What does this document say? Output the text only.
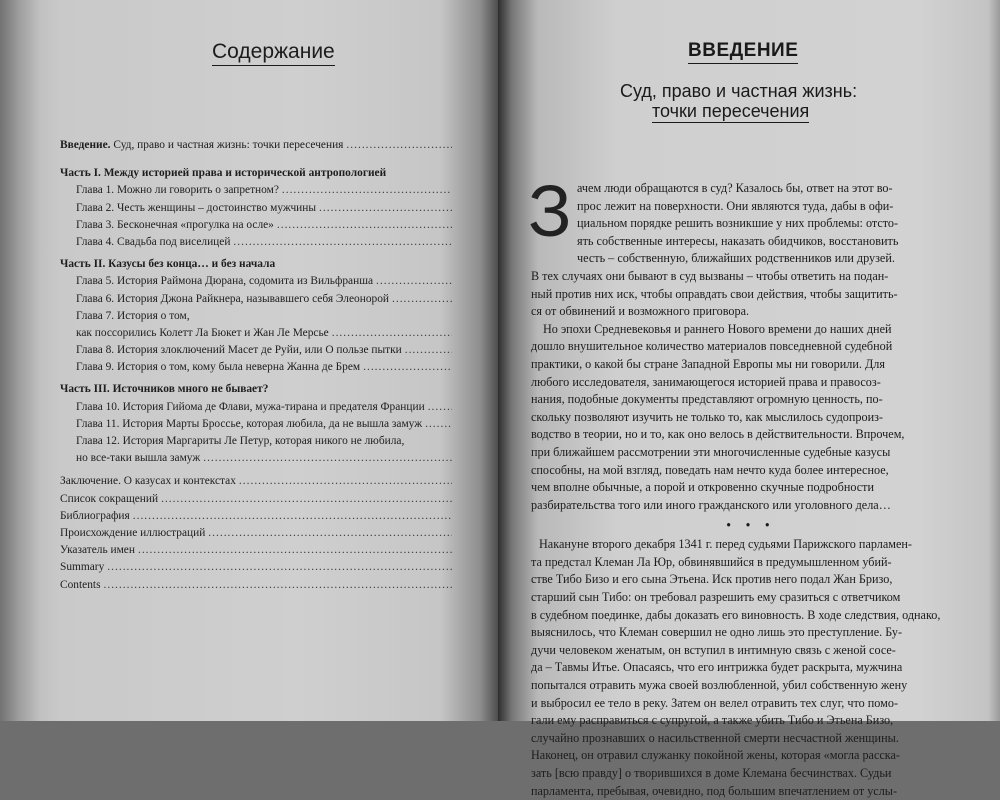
Содержание
Введение. Суд, право и частная жизнь: точки пересечения
.....
Часть I. Между историей права и исторической антропологией
Глава 1. Можно ли говорить о запретном?
.....
Глава 2. Честь женщины – достоинство мужчины
.....
Глава 3. Бесконечная «прогулка на осле»
.....
Глава 4. Свадьба под виселицей
.....
Часть II. Казусы без конца… и без начала
Глава 5. История Раймона Дюрана, содомита из Вильфранша
.....
Глава 6. История Джона Райкнера, называвшего себя Элеонорой
.....
Глава 7. История о том,
как поссорились Колетт Ла Бюкет и Жан Ле Мерсье
.....
Глава 8. История злоключений Масет де Руйи, или О пользе пытки
.....
Глава 9. История о том, кому была неверна Жанна де Брем
.....
Часть III. Источников много не бывает?
Глава 10. История Гийома де Флави, мужа-тирана и предателя Франции
.....
Глава 11. История Марты Броссье, которая любила, да не вышла замуж
.....
Глава 12. История Маргариты Ле Петур, которая никого не любила,
но все-таки вышла замуж
.....
Заключение. О казусах и контекстах
.....
Список сокращений
.....
Библиография
.....
Происхождение иллюстраций
.....
Указатель имен
.....
Summary
.....
Contents
.....
ВВЕДЕНИЕ
Суд, право и частная жизнь:
точки пересечения
З ачем люди обращаются в суд? Казалось бы, ответ на этот во-
прос лежит на поверхности. Они являются туда, дабы в офи-
циальном порядке решить возникшие у них проблемы: отсто-
ять собственные интересы, наказать обидчиков, восстановить
честь – собственную, ближайших родственников или друзей.
В тех случаях они бывают в суд вызваны – чтобы ответить на подан-
ный против них иск, чтобы оправдать свои действия, чтобы защитить-
ся от обвинений и возможного приговора.
Но эпохи Средневековья и раннего Нового времени до наших дней
дошло внушительное количество материалов повседневной судебной
практики, о какой бы стране Западной Европы мы ни говорили. Для
любого исследователя, занимающегося историей права и правосоз-
нания, подобные документы представляют огромную ценность, по-
скольку позволяют изучить не только то, как мыслилось судопроиз-
водство в теории, но и то, как оно велось в действительности. Впрочем,
при ближайшем рассмотрении эти многочисленные судебные казусы
способны, на мой взгляд, поведать нам нечто куда более интересное,
чем вполне обычные, а порой и откровенно скучные подробности
разбирательства того или иного гражданского или уголовного дела…
• • •
Накануне второго декабря 1341 г. перед судьями Парижского парламен-
та предстал Клеман Ла Юр, обвинявшийся в предумышленном убий-
стве Тибо Бизо и его сына Этьена. Иск против него подал Жан Бризо,
старший сын Тибо: он требовал разрешить ему сразиться с ответчиком
в судебном поединке, дабы доказать его виновность. В ходе следствия, однако,
выяснилось, что Клеман совершил не одно лишь это преступление. Бу-
дучи человеком женатым, он вступил в интимную связь с женой сосе-
да – Тавмы Итье. Опасаясь, что его интрижка будет раскрыта, мужчина
попытался отравить мужа своей возлюбленной, убил собственную жену
и выбросил ее тело в реку. Затем он велел отравить тех слуг, что помо-
гали ему расправиться с супругой, а также убить Тибо и Этьена Бизо,
случайно прознавших о насильственной смерти несчастной женщины.
Наконец, он отравил служанку покойной жены, которая «могла расска-
зать [всю правду] о творившихся в доме Клемана бесчинствах. Судьи
парламента, пребывая, очевидно, под большим впечатлением от услы-
